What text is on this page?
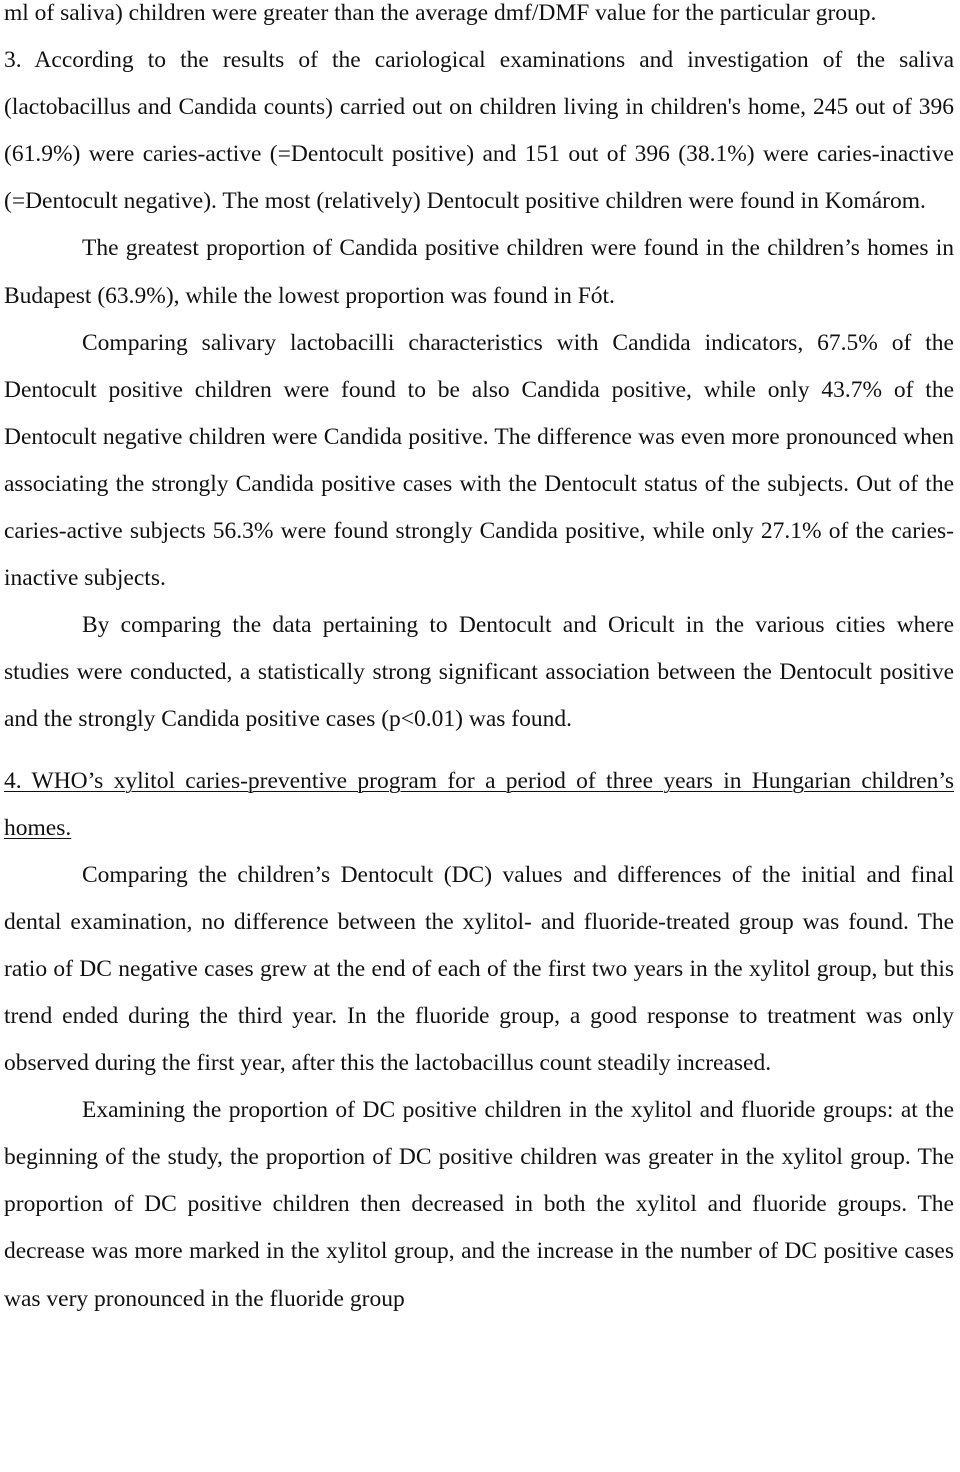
ml of saliva) children were greater than the average dmf/DMF value for the particular group.

3. According to the results of the cariological examinations and investigation of the saliva (lactobacillus and Candida counts) carried out on children living in children's home, 245 out of 396 (61.9%) were caries-active (=Dentocult positive) and 151 out of 396 (38.1%) were caries-inactive (=Dentocult negative). The most (relatively) Dentocult positive children were found in Komárom.

The greatest proportion of Candida positive children were found in the children’s homes in Budapest (63.9%), while the lowest proportion was found in Fót.

Comparing salivary lactobacilli characteristics with Candida indicators, 67.5% of the Dentocult positive children were found to be also Candida positive, while only 43.7% of the Dentocult negative children were Candida positive. The difference was even more pronounced when associating the strongly Candida positive cases with the Dentocult status of the subjects. Out of the caries-active subjects 56.3% were found strongly Candida positive, while only 27.1% of the caries-inactive subjects.

By comparing the data pertaining to Dentocult and Oricult in the various cities where studies were conducted, a statistically strong significant association between the Dentocult positive and the strongly Candida positive cases (p<0.01) was found.

4. WHO’s xylitol caries-preventive program for a period of three years in Hungarian children’s homes.

Comparing the children’s Dentocult (DC) values and differences of the initial and final dental examination, no difference between the xylitol- and fluoride-treated group was found. The ratio of DC negative cases grew at the end of each of the first two years in the xylitol group, but this trend ended during the third year. In the fluoride group, a good response to treatment was only observed during the first year, after this the lactobacillus count steadily increased.

Examining the proportion of DC positive children in the xylitol and fluoride groups: at the beginning of the study, the proportion of DC positive children was greater in the xylitol group. The proportion of DC positive children then decreased in both the xylitol and fluoride groups. The decrease was more marked in the xylitol group, and the increase in the number of DC positive cases was very pronounced in the fluoride group
